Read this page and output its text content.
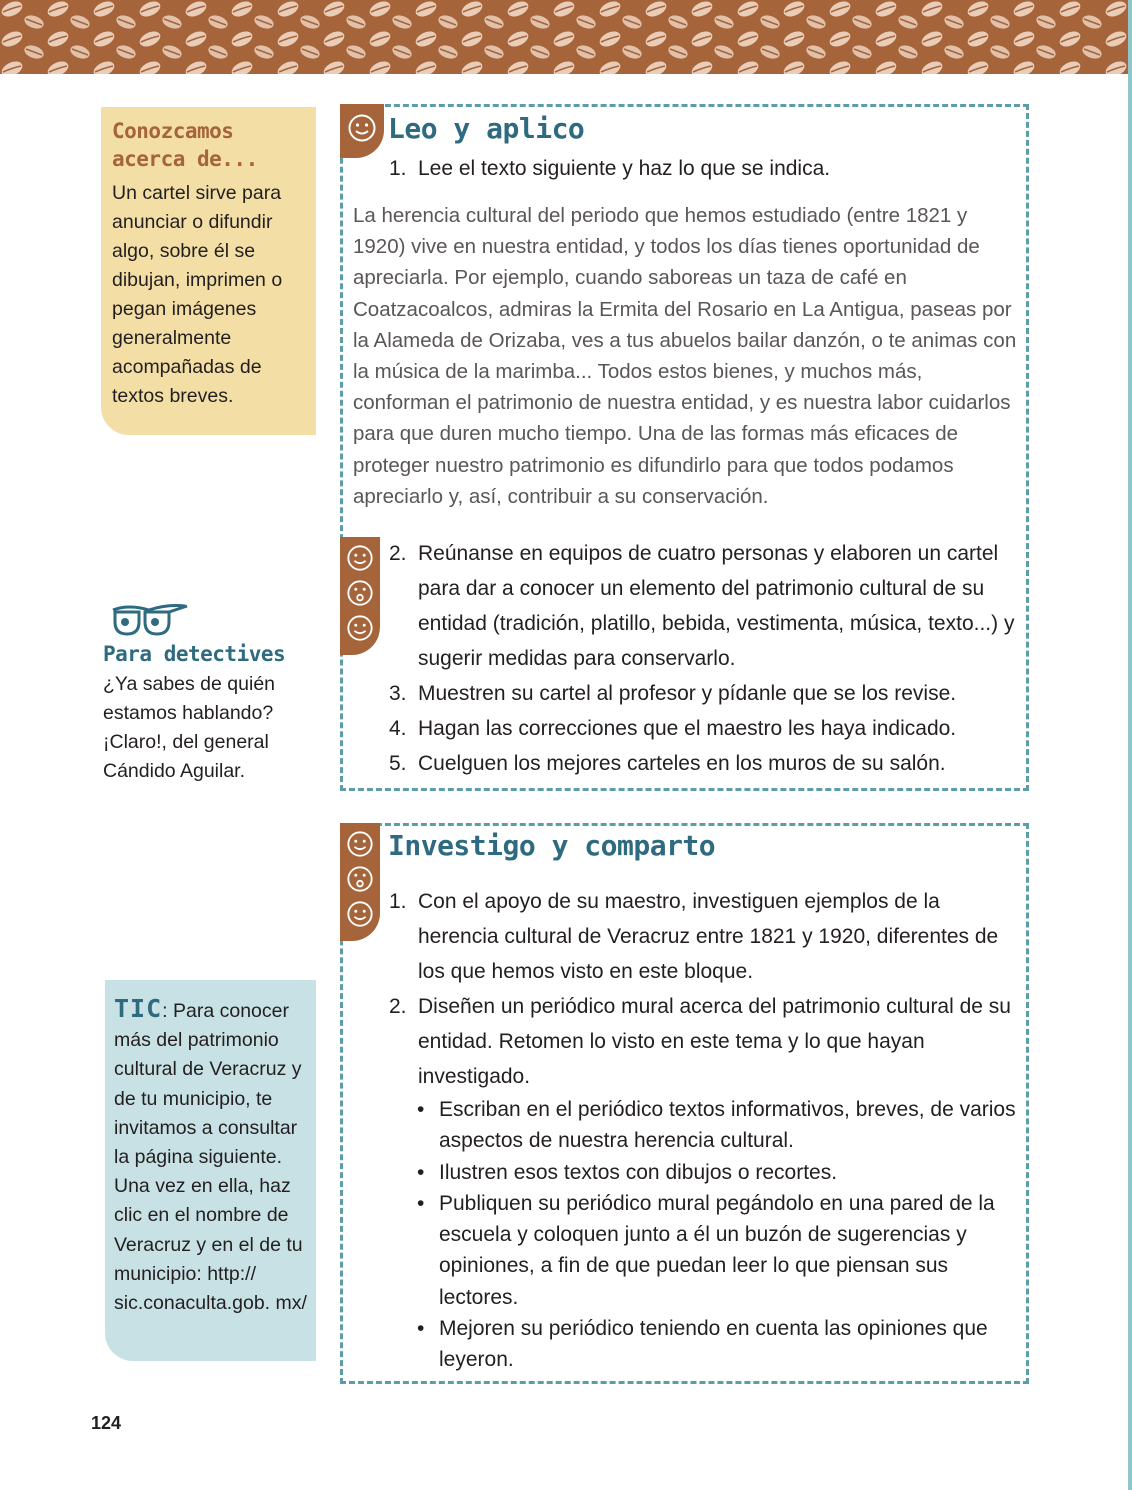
Conozcamos acerca de...
Un cartel sirve para anunciar o difundir algo, sobre él se dibujan, imprimen o pegan imágenes generalmente acompañadas de textos breves.
Para detectives
¿Ya sabes de quién estamos hablando? ¡Claro!, del general Cándido Aguilar.
TIC: Para conocer más del patrimonio cultural de Veracruz y de tu municipio, te invitamos a consultar la página siguiente. Una vez en ella, haz clic en el nombre de Veracruz y en el de tu municipio: http:// sic.conaculta.gob. mx/
Leo y aplico
1. Lee el texto siguiente y haz lo que se indica.
La herencia cultural del periodo que hemos estudiado (entre 1821 y 1920) vive en nuestra entidad, y todos los días tienes oportunidad de apreciarla. Por ejemplo, cuando saboreas un taza de café en Coatzacoalcos, admiras la Ermita del Rosario en La Antigua, paseas por la Alameda de Orizaba, ves a tus abuelos bailar danzón, o te animas con la música de la marimba... Todos estos bienes, y muchos más, conforman el patrimonio de nuestra entidad, y es nuestra labor cuidarlos para que duren mucho tiempo. Una de las formas más eficaces de proteger nuestro patrimonio es difundirlo para que todos podamos apreciarlo y, así, contribuir a su conservación.
2. Reúnanse en equipos de cuatro personas y elaboren un cartel para dar a conocer un elemento del patrimonio cultural de su entidad (tradición, platillo, bebida, vestimenta, música, texto...) y sugerir medidas para conservarlo.
3. Muestren su cartel al profesor y pídanle que se los revise.
4. Hagan las correcciones que el maestro les haya indicado.
5. Cuelguen los mejores carteles en los muros de su salón.
Investigo y comparto
1. Con el apoyo de su maestro, investiguen ejemplos de la herencia cultural de Veracruz entre 1821 y 1920, diferentes de los que hemos visto en este bloque.
2. Diseñen un periódico mural acerca del patrimonio cultural de su entidad. Retomen lo visto en este tema y lo que hayan investigado.
• Escriban en el periódico textos informativos, breves, de varios aspectos de nuestra herencia cultural.
• Ilustren esos textos con dibujos o recortes.
• Publiquen su periódico mural pegándolo en una pared de la escuela y coloquen junto a él un buzón de sugerencias y opiniones, a fin de que puedan leer lo que piensan sus lectores.
• Mejoren su periódico teniendo en cuenta las opiniones que leyeron.
124
